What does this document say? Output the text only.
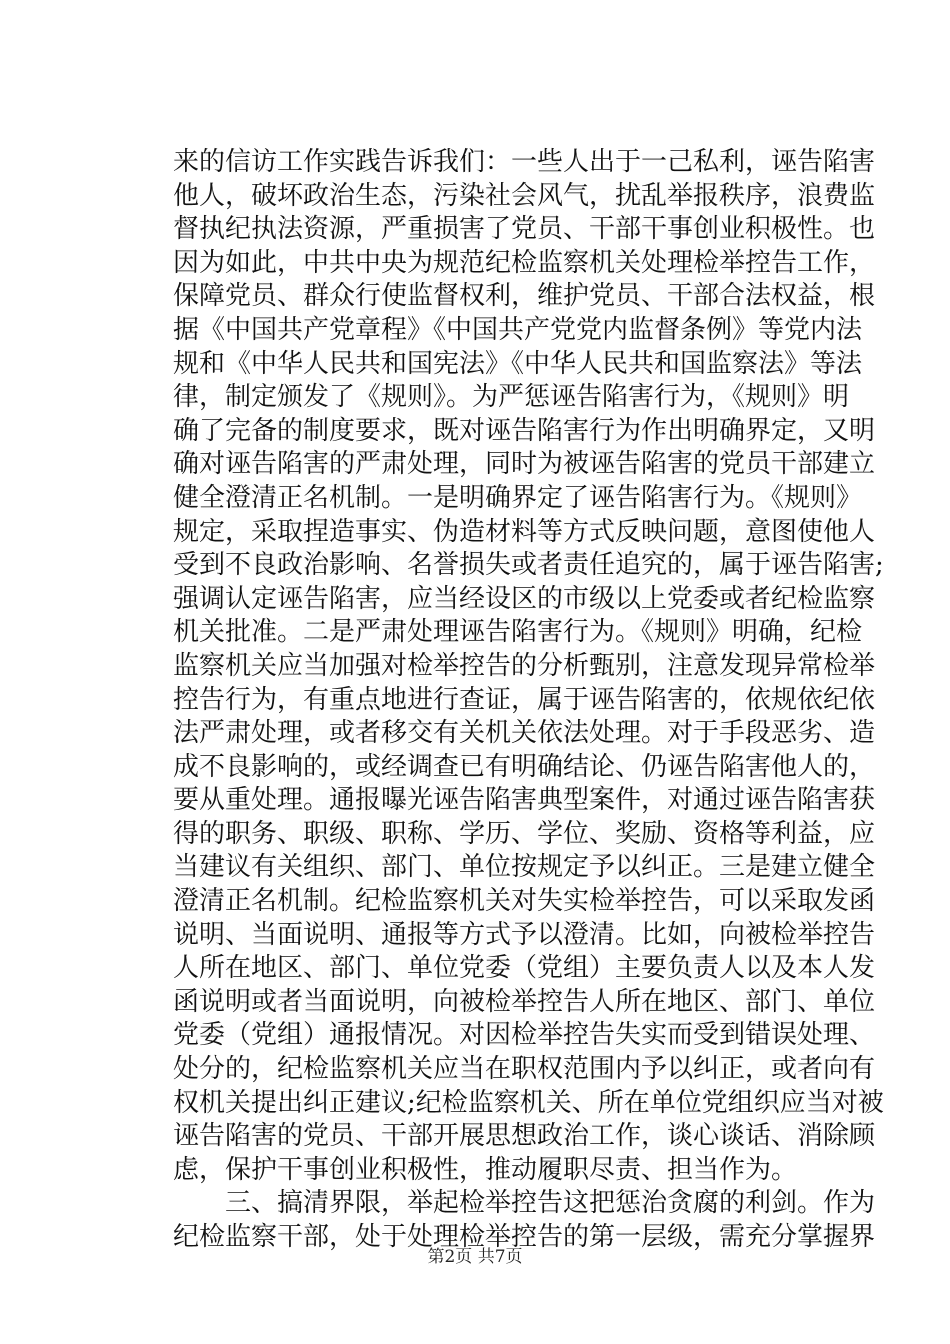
来的信访工作实践告诉我们：一些人出于一己私利，诬告陷害
他人，破坏政治生态，污染社会风气，扰乱举报秩序，浪费监
督执纪执法资源，严重损害了党员、干部干事创业积极性。也
因为如此，中共中央为规范纪检监察机关处理检举控告工作，
保障党员、群众行使监督权利，维护党员、干部合法权益，根
据《中国共产党章程》《中国共产党党内监督条例》等党内法
规和《中华人民共和国宪法》《中华人民共和国监察法》等法
律，制定颁发了《规则》。为严惩诬告陷害行为，《规则》明
确了完备的制度要求，既对诬告陷害行为作出明确界定，又明
确对诬告陷害的严肃处理，同时为被诬告陷害的党员干部建立
健全澄清正名机制。一是明确界定了诬告陷害行为。《规则》
规定，采取捏造事实、伪造材料等方式反映问题，意图使他人
受到不良政治影响、名誉损失或者责任追究的，属于诬告陷害;
强调认定诬告陷害，应当经设区的市级以上党委或者纪检监察
机关批准。二是严肃处理诬告陷害行为。《规则》明确，纪检
监察机关应当加强对检举控告的分析甄别，注意发现异常检举
控告行为，有重点地进行查证，属于诬告陷害的，依规依纪依
法严肃处理，或者移交有关机关依法处理。对于手段恶劣、造
成不良影响的，或经调查已有明确结论、仍诬告陷害他人的，
要从重处理。通报曝光诬告陷害典型案件，对通过诬告陷害获
得的职务、职级、职称、学历、学位、奖励、资格等利益，应
当建议有关组织、部门、单位按规定予以纠正。三是建立健全
澄清正名机制。纪检监察机关对失实检举控告，可以采取发函
说明、当面说明、通报等方式予以澄清。比如，向被检举控告
人所在地区、部门、单位党委（党组）主要负责人以及本人发
函说明或者当面说明，向被检举控告人所在地区、部门、单位
党委（党组）通报情况。对因检举控告失实而受到错误处理、
处分的，纪检监察机关应当在职权范围内予以纠正，或者向有
权机关提出纠正建议;纪检监察机关、所在单位党组织应当对被
诬告陷害的党员、干部开展思想政治工作，谈心谈话、消除顾
虑，保护干事创业积极性，推动履职尽责、担当作为。
　　三、搞清界限，举起检举控告这把惩治贪腐的利剑。作为
纪检监察干部，处于处理检举控告的第一层级，需充分掌握界
第2页 共7页
